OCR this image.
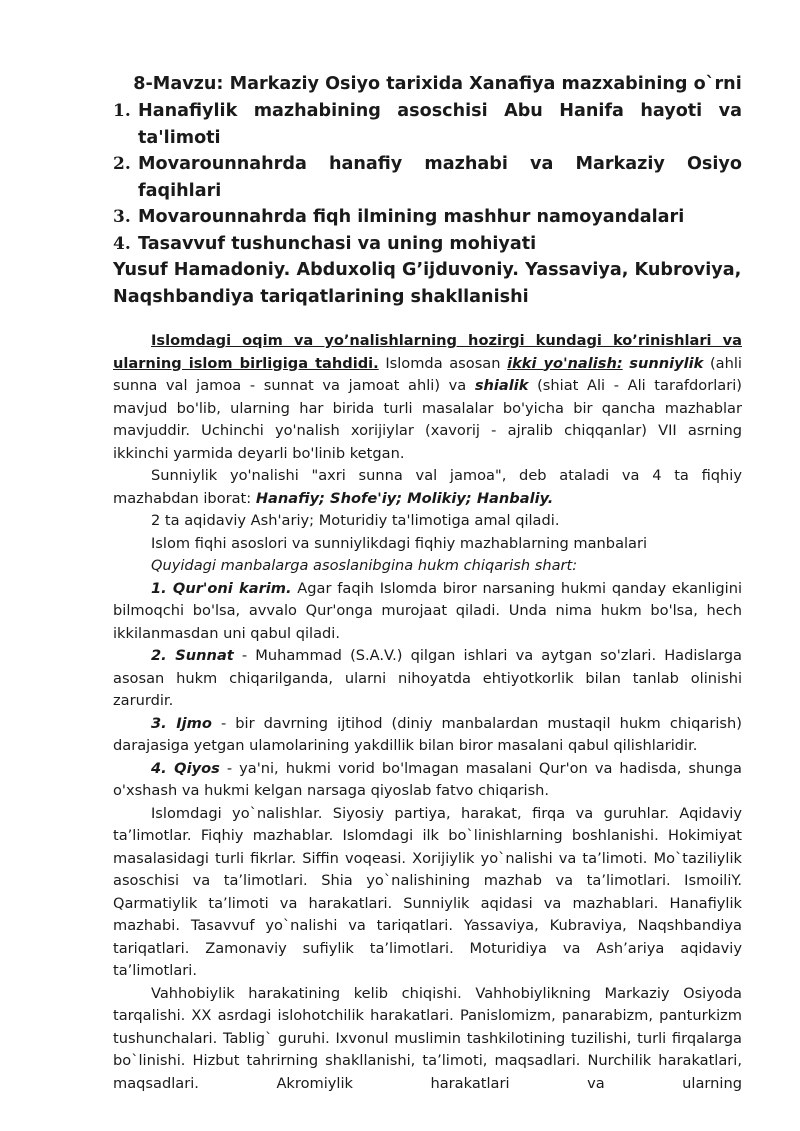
8-Mavzu: Markaziy Osiyo tarixida Xanafiya mazxabining o`rni

1. Hanafiylik mazhabining asoschisi Abu Hanifa hayoti va ta'limoti
2. Movarounnahrda hanafiy mazhabi va Markaziy Osiyo faqihlari
3. Movarounnahrda fiqh ilmining mashhur namoyandalari
4. Tasavvuf tushunchasi va uning mohiyati

Yusuf Hamadoniy. Abduxoliq G’ijduvoniy. Yassaviya, Kubroviya, Naqshbandiya tariqatlarining shakllanishi

Islomdagi oqim va yo’nalishlarning hozirgi kundagi ko’rinishlari va ularning islom birligiga tahdidi. Islomda asosan ikki yo'nalish: sunniylik (ahli sunna val jamoa - sunnat va jamoat ahli) va shialik (shiat Ali - Ali tarafdorlari) mavjud bo'lib, ularning har birida turli masalalar bo'yicha bir qancha mazhablar mavjuddir. Uchinchi yo'nalish xorijiylar (xavorij - ajralib chiqqanlar) VII asrning ikkinchi yarmida deyarli bo'linib ketgan.

Sunniylik yo'nalishi "axri sunna val jamoa", deb ataladi va 4 ta fiqhiy mazhabdan iborat: Hanafiy; Shofe'iy; Molikiy; Hanbaliy.

2 ta aqidaviy Ash'ariy; Moturidiy ta'limotiga amal qiladi.

Islom fiqhi asoslori va sunniylikdagi fiqhiy mazhablarning manbalari

Quyidagi manbalarga asoslanibgina hukm chiqarish shart:

1. Qur'oni karim. Agar faqih Islomda biror narsaning hukmi qanday ekanligini bilmoqchi bo'lsa, avvalo Qur'onga murojaat qiladi. Unda nima hukm bo'lsa, hech ikkilanmasdan uni qabul qiladi.

2. Sunnat - Muhammad (S.A.V.) qilgan ishlari va aytgan so'zlari. Hadislarga asosan hukm chiqarilganda, ularni nihoyatda ehtiyotkorlik bilan tanlab olinishi zarurdir.

3. Ijmo - bir davrning ijtihod (diniy manbalardan mustaqil hukm chiqarish) darajasiga yetgan ulamolarining yakdillik bilan biror masalani qabul qilishlaridir.

4. Qiyos - ya'ni, hukmi vorid bo'lmagan masalani Qur'on va hadisda, shunga o'xshash va hukmi kelgan narsaga qiyoslab fatvo chiqarish.

Islomdagi yo`nalishlar. Siyosiy partiya, harakat, firqa va guruhlar. Aqidaviy ta’limotlar. Fiqhiy mazhablar. Islomdagi ilk bo`linishlarning boshlanishi. Hokimiyat masalasidagi turli fikrlar. Siffin voqeasi. Xorijiylik yo`nalishi va ta’limoti. Mo`taziliylik asoschisi va ta’limotlari. Shia yo`nalishining mazhab va ta’limotlari. IsmoiliY. Qarmatiylik ta’limoti va harakatlari. Sunniylik aqidasi va mazhablari. Hanafiylik mazhabi. Tasavvuf yo`nalishi va tariqatlari. Yassaviya, Kubraviya, Naqshbandiya tariqatlari. Zamonaviy sufiylik ta’limotlari. Moturidiya va Ash’ariya aqidaviy ta’limotlari.

Vahhobiylik harakatining kelib chiqishi. Vahhobiylikning Markaziy Osiyoda tarqalishi. XX asrdagi islohotchilik harakatlari. Panislomizm, panarabizm, panturkizm tushunchalari. Tablig` guruhi. Ixvonul muslimin tashkilotining tuzilishi, turli firqalarga bo`linishi. Hizbut tahrirning shakllanishi, ta’limoti, maqsadlari. Nurchilik harakatlari, maqsadlari. Akromiylik harakatlari va ularning
